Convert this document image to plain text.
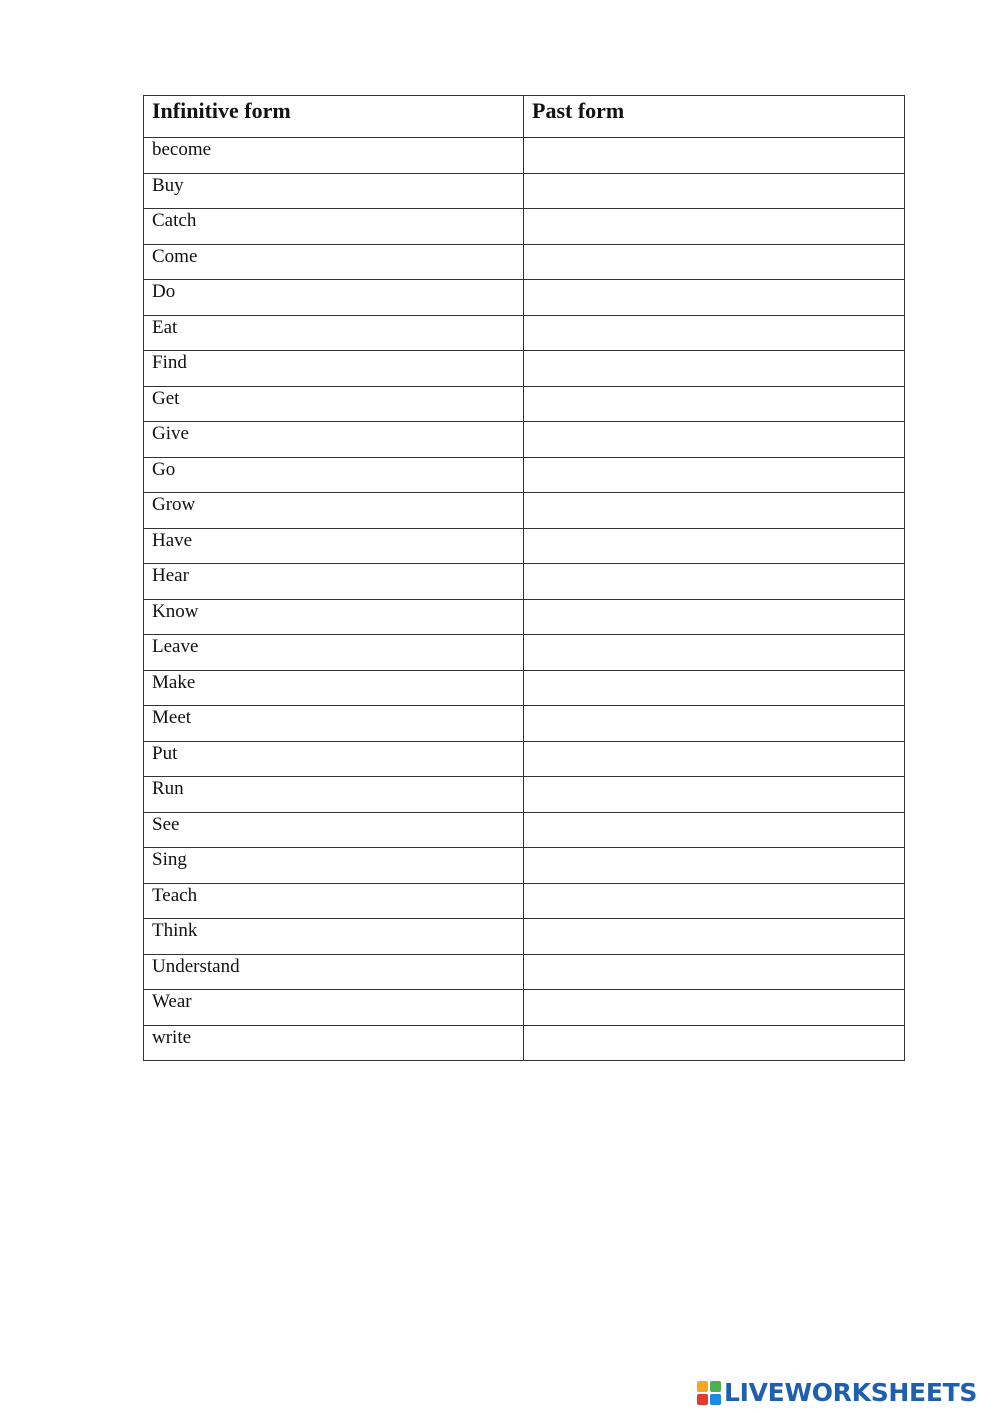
Infinitive form	Past form
become	
Buy	
Catch	
Come	
Do	
Eat	
Find	
Get	
Give	
Go	
Grow	
Have	
Hear	
Know	
Leave	
Make	
Meet	
Put	
Run	
See	
Sing	
Teach	
Think	
Understand	
Wear	
write	
LIVEWORKSHEETS
